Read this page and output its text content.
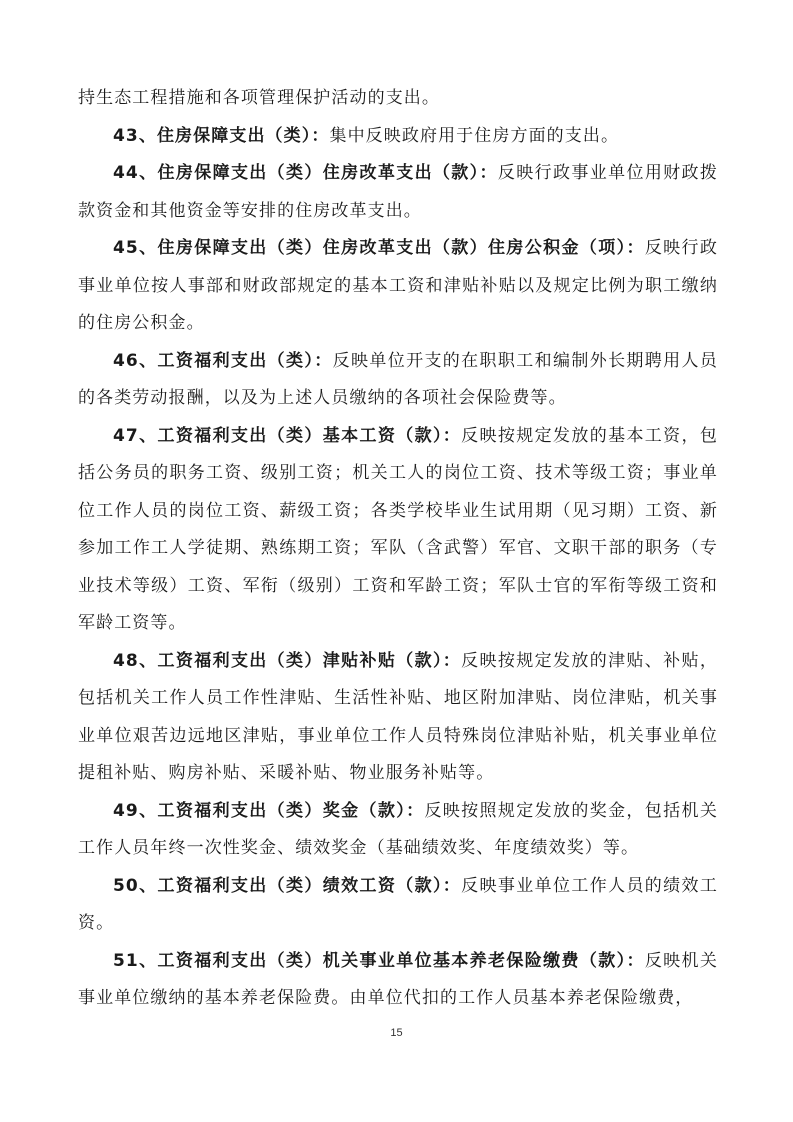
持生态工程措施和各项管理保护活动的支出。

43、住房保障支出（类）：集中反映政府用于住房方面的支出。

44、住房保障支出（类）住房改革支出（款）：反映行政事业单位用财政拨款资金和其他资金等安排的住房改革支出。

45、住房保障支出（类）住房改革支出（款）住房公积金（项）：反映行政事业单位按人事部和财政部规定的基本工资和津贴补贴以及规定比例为职工缴纳的住房公积金。

46、工资福利支出（类）：反映单位开支的在职职工和编制外长期聘用人员的各类劳动报酬，以及为上述人员缴纳的各项社会保险费等。

47、工资福利支出（类）基本工资（款）：反映按规定发放的基本工资，包括公务员的职务工资、级别工资；机关工人的岗位工资、技术等级工资；事业单位工作人员的岗位工资、薪级工资；各类学校毕业生试用期（见习期）工资、新参加工作工人学徒期、熟练期工资；军队（含武警）军官、文职干部的职务（专业技术等级）工资、军衔（级别）工资和军龄工资；军队士官的军衔等级工资和军龄工资等。

48、工资福利支出（类）津贴补贴（款）：反映按规定发放的津贴、补贴，包括机关工作人员工作性津贴、生活性补贴、地区附加津贴、岗位津贴，机关事业单位艰苦边远地区津贴，事业单位工作人员特殊岗位津贴补贴，机关事业单位提租补贴、购房补贴、采暖补贴、物业服务补贴等。

49、工资福利支出（类）奖金（款）：反映按照规定发放的奖金，包括机关工作人员年终一次性奖金、绩效奖金（基础绩效奖、年度绩效奖）等。

50、工资福利支出（类）绩效工资（款）：反映事业单位工作人员的绩效工资。

51、工资福利支出（类）机关事业单位基本养老保险缴费（款）：反映机关事业单位缴纳的基本养老保险费。由单位代扣的工作人员基本养老保险缴费，

15
